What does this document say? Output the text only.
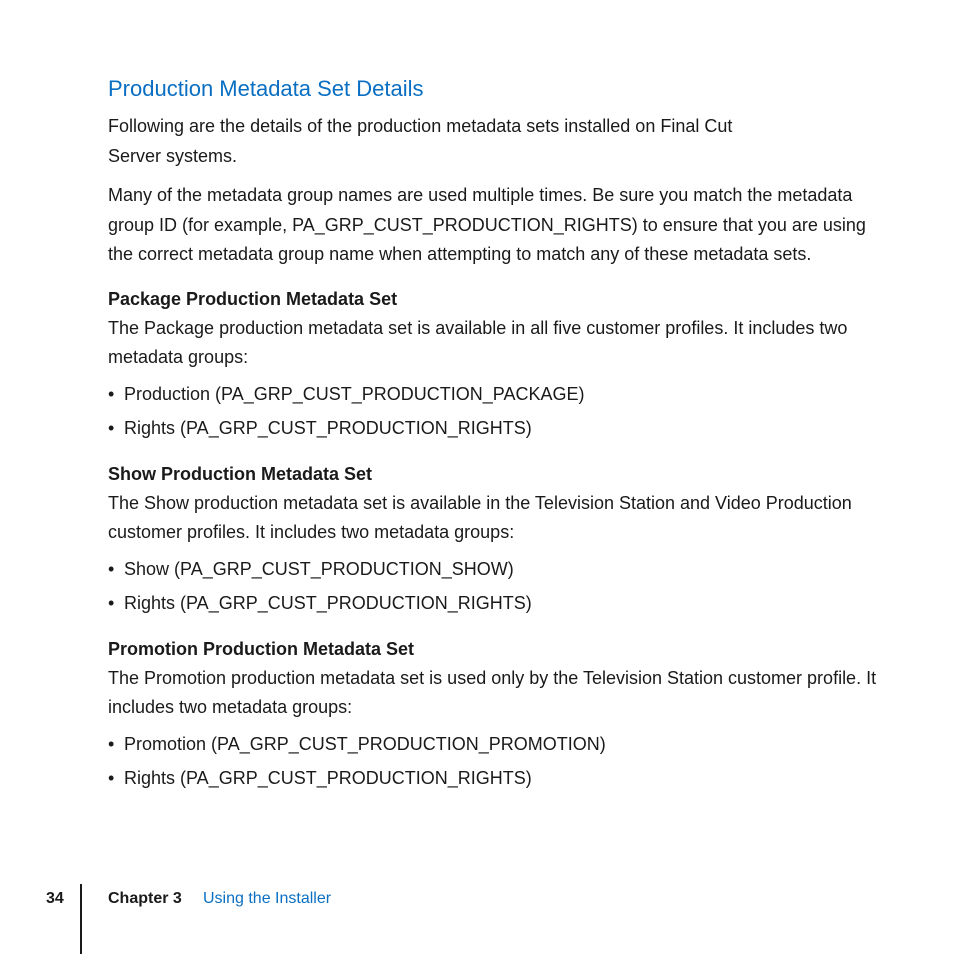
Production Metadata Set Details

Following are the details of the production metadata sets installed on Final Cut Server systems.

Many of the metadata group names are used multiple times. Be sure you match the metadata group ID (for example, PA_GRP_CUST_PRODUCTION_RIGHTS) to ensure that you are using the correct metadata group name when attempting to match any of these metadata sets.

Package Production Metadata Set

The Package production metadata set is available in all five customer profiles. It includes two metadata groups:

• Production (PA_GRP_CUST_PRODUCTION_PACKAGE)
• Rights (PA_GRP_CUST_PRODUCTION_RIGHTS)
Show Production Metadata Set

The Show production metadata set is available in the Television Station and Video Production customer profiles. It includes two metadata groups:

• Show (PA_GRP_CUST_PRODUCTION_SHOW)
• Rights (PA_GRP_CUST_PRODUCTION_RIGHTS)
Promotion Production Metadata Set

The Promotion production metadata set is used only by the Television Station customer profile. It includes two metadata groups:

• Promotion (PA_GRP_CUST_PRODUCTION_PROMOTION)
• Rights (PA_GRP_CUST_PRODUCTION_RIGHTS)
34	Chapter 3 Using the Installer
